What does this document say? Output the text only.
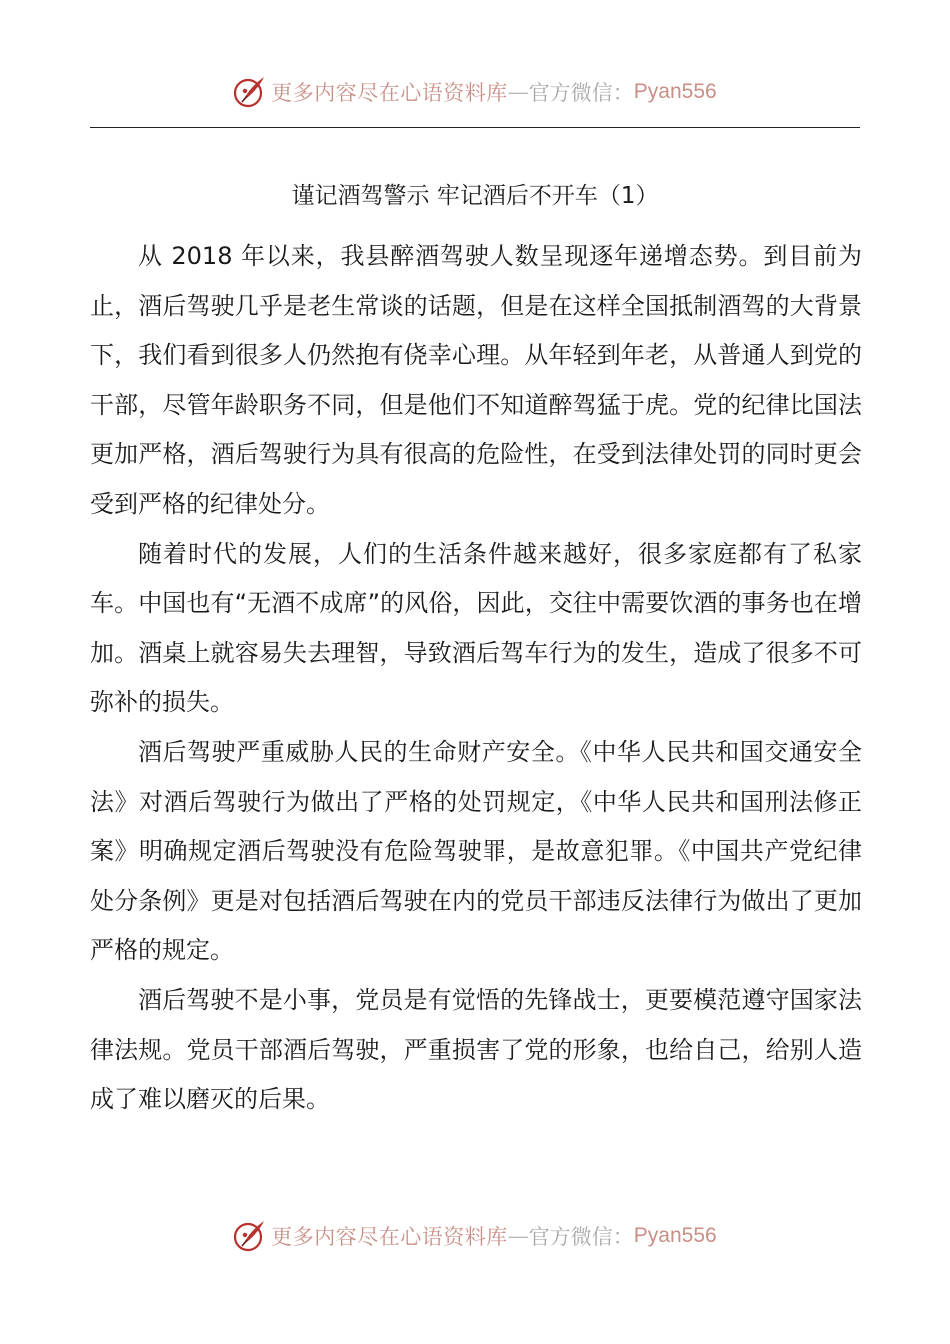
更多内容尽在心语资料库 — 官方微信： Pyan556
谨记酒驾警示 牢记酒后不开车（1）

从 2018 年以来，我县醉酒驾驶人数呈现逐年递增态势。到目前为止，酒后驾驶几乎是老生常谈的话题，但是在这样全国抵制酒驾的大背景下，我们看到很多人仍然抱有侥幸心理。从年轻到年老，从普通人到党的干部，尽管年龄职务不同，但是他们不知道醉驾猛于虎。党的纪律比国法更加严格，酒后驾驶行为具有很高的危险性，在受到法律处罚的同时更会受到严格的纪律处分。

随着时代的发展，人们的生活条件越来越好，很多家庭都有了私家车。中国也有“无酒不成席”的风俗，因此，交往中需要饮酒的事务也在增加。酒桌上就容易失去理智，导致酒后驾车行为的发生，造成了很多不可弥补的损失。

酒后驾驶严重威胁人民的生命财产安全。《中华人民共和国交通安全法》对酒后驾驶行为做出了严格的处罚规定，《中华人民共和国刑法修正案》明确规定酒后驾驶没有危险驾驶罪，是故意犯罪。《中国共产党纪律处分条例》更是对包括酒后驾驶在内的党员干部违反法律行为做出了更加严格的规定。

酒后驾驶不是小事，党员是有觉悟的先锋战士，更要模范遵守国家法律法规。党员干部酒后驾驶，严重损害了党的形象，也给自己，给别人造成了难以磨灭的后果。

更多内容尽在心语资料库 — 官方微信： Pyan556
